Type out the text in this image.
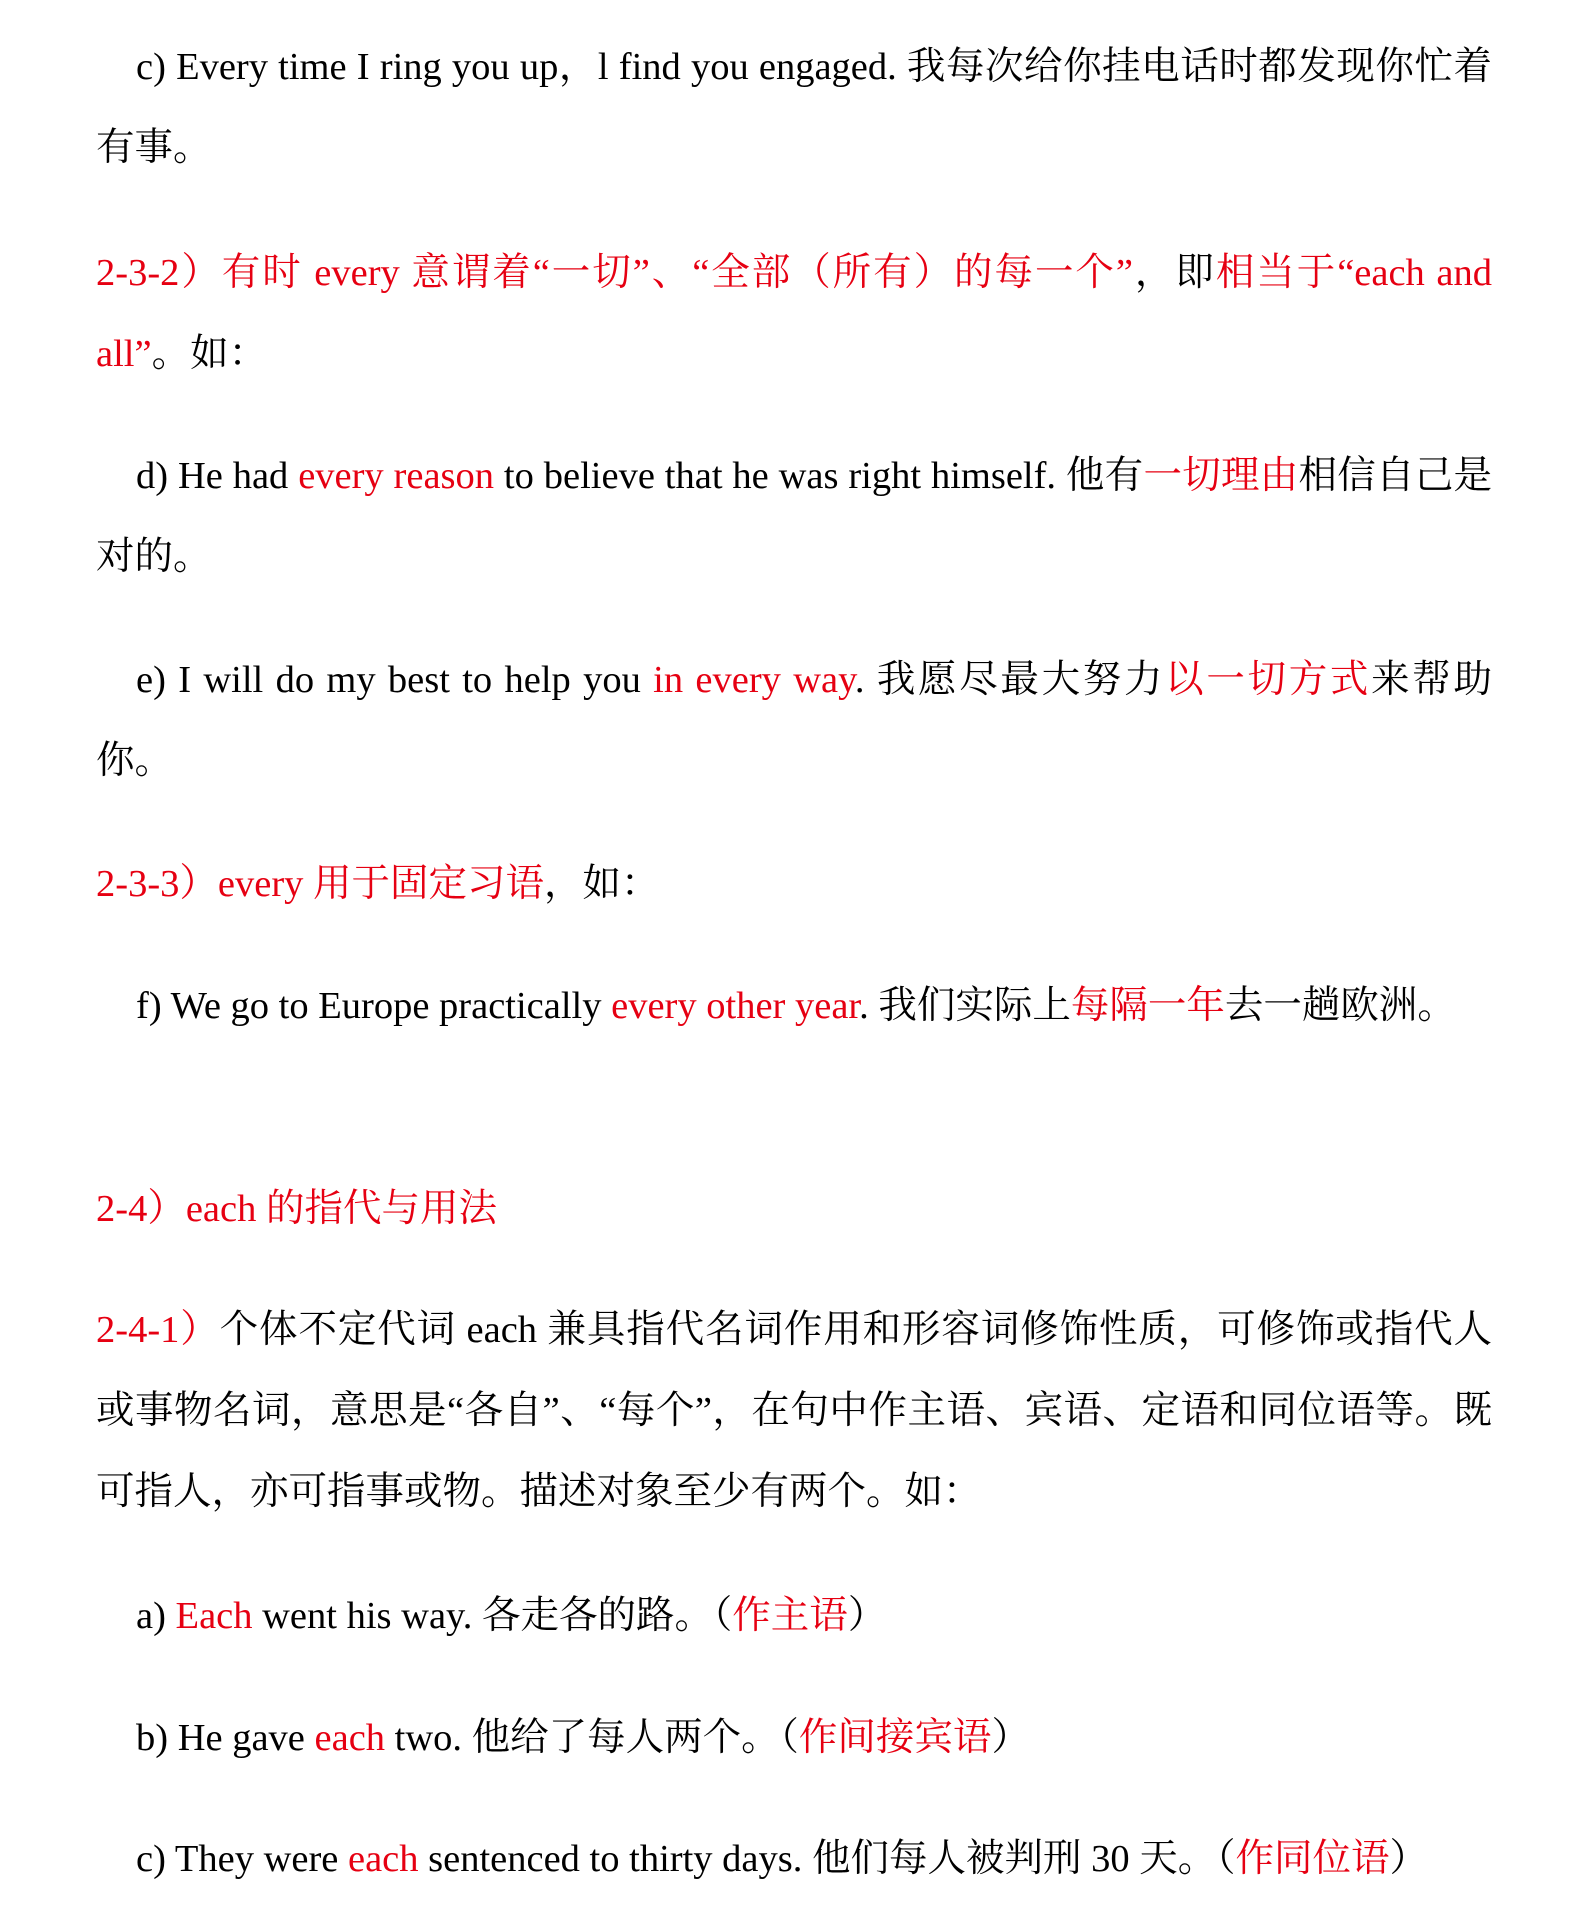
c) Every time I ring you up，l find you engaged. 我每次给你挂电话时都发现你忙着有事。

2-3-2）有时 every 意谓着“一切”、“全部（所有）的每一个”，即相当于“each and all”。如：

d) He had every reason to believe that he was right himself. 他有一切理由相信自己是对的。

e) I will do my best to help you in every way. 我愿尽最大努力以一切方式来帮助你。

2-3-3）every 用于固定习语，如：

f) We go to Europe practically every other year. 我们实际上每隔一年去一趟欧洲。

2-4）each 的指代与用法

2-4-1）个体不定代词 each 兼具指代名词作用和形容词修饰性质，可修饰或指代人或事物名词，意思是“各自”、“每个”，在句中作主语、宾语、定语和同位语等。既可指人，亦可指事或物。描述对象至少有两个。如：

a) Each went his way. 各走各的路。（作主语）

b) He gave each two. 他给了每人两个。（作间接宾语）

c) They were each sentenced to thirty days. 他们每人被判刑 30 天。（作同位语）
